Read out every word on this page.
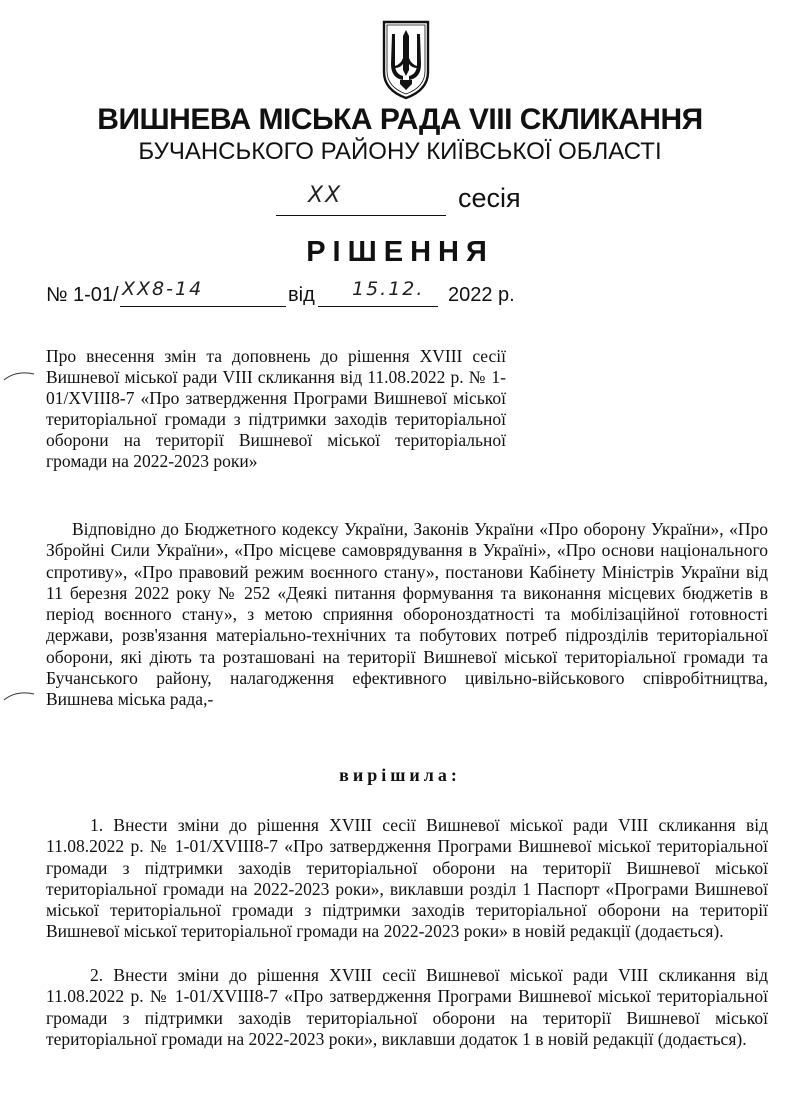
ВИШНЕВА МІСЬКА РАДА VIII СКЛИКАННЯ
БУЧАНСЬКОГО РАЙОНУ КИЇВСЬКОЇ ОБЛАСТІ
XX	сесія
РІШЕННЯ
№ 1-01/ XX8-14	від 15.12. 2022 р.
Про внесення змін та доповнень до рішення XVIII сесії Вишневої міської ради VIII скликання від 11.08.2022 р. № 1-01/XVIII8-7 «Про затвердження Програми Вишневої міської територіальної громади з підтримки заходів територіальної оборони на території Вишневої міської територіальної громади на 2022-2023 роки»
Відповідно до Бюджетного кодексу України, Законів України «Про оборону України», «Про Збройні Сили України», «Про місцеве самоврядування в Україні», «Про основи національного спротиву», «Про правовий режим воєнного стану», постанови Кабінету Міністрів України від 11 березня 2022 року № 252 «Деякі питання формування та виконання місцевих бюджетів в період воєнного стану», з метою сприяння обороноздатності та мобілізаційної готовності держави, розв'язання матеріально-технічних та побутових потреб підрозділів територіальної оборони, які діють та розташовані на території Вишневої міської територіальної громади та Бучанського району, налагодження ефективного цивільно-військового співробітництва, Вишнева міська рада,-
вирішила:
1. Внести зміни до рішення XVIII сесії Вишневої міської ради VIII скликання від 11.08.2022 р. № 1-01/XVIII8-7 «Про затвердження Програми Вишневої міської територіальної громади з підтримки заходів територіальної оборони на території Вишневої міської територіальної громади на 2022-2023 роки», виклавши розділ 1 Паспорт «Програми Вишневої міської територіальної громади з підтримки заходів територіальної оборони на території Вишневої міської територіальної громади на 2022-2023 роки» в новій редакції (додається).
2. Внести зміни до рішення XVIII сесії Вишневої міської ради VIII скликання від 11.08.2022 р. № 1-01/XVIII8-7 «Про затвердження Програми Вишневої міської територіальної громади з підтримки заходів територіальної оборони на території Вишневої міської територіальної громади на 2022-2023 роки», виклавши додаток 1 в новій редакції (додається).
